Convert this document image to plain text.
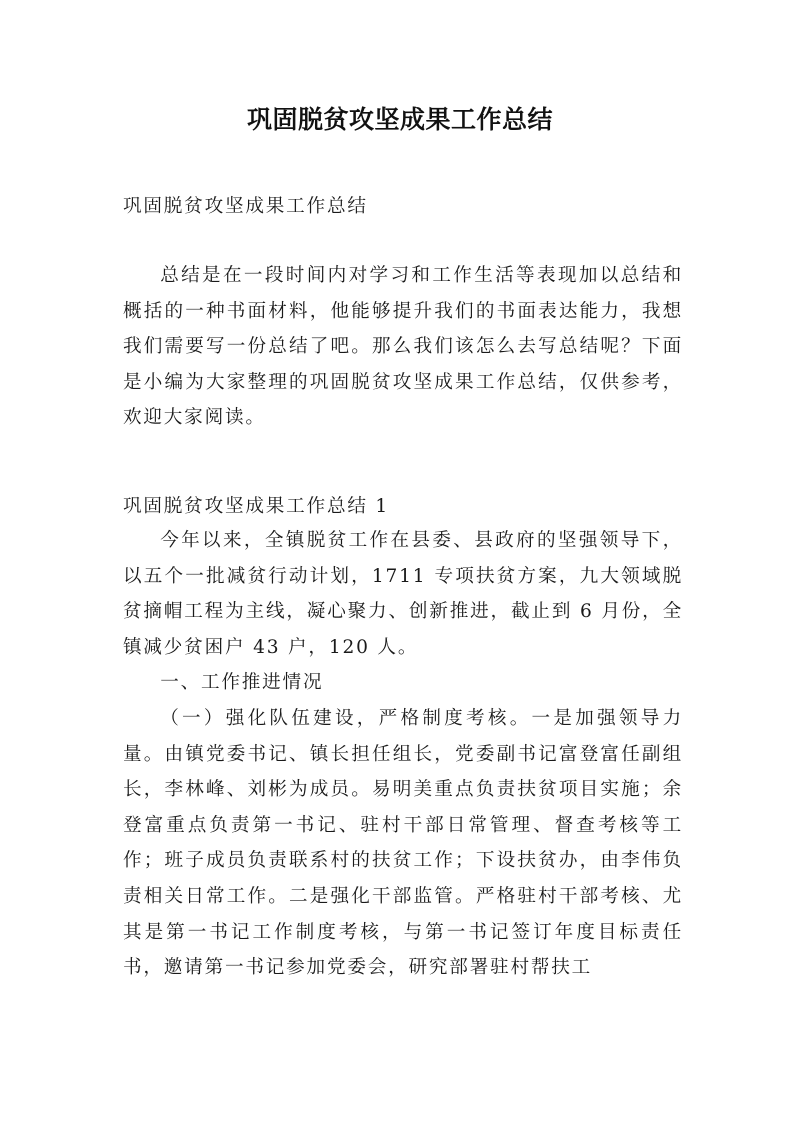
巩固脱贫攻坚成果工作总结

巩固脱贫攻坚成果工作总结

总结是在一段时间内对学习和工作生活等表现加以总结和概括的一种书面材料，他能够提升我们的书面表达能力，我想我们需要写一份总结了吧。那么我们该怎么去写总结呢？下面是小编为大家整理的巩固脱贫攻坚成果工作总结，仅供参考，欢迎大家阅读。

巩固脱贫攻坚成果工作总结 1

今年以来，全镇脱贫工作在县委、县政府的坚强领导下，以五个一批减贫行动计划，1711 专项扶贫方案，九大领域脱贫摘帽工程为主线，凝心聚力、创新推进，截止到 6 月份，全镇减少贫困户 43 户，120 人。

一、工作推进情况

（一）强化队伍建设，严格制度考核。一是加强领导力量。由镇党委书记、镇长担任组长，党委副书记富登富任副组长，李林峰、刘彬为成员。易明美重点负责扶贫项目实施；余登富重点负责第一书记、驻村干部日常管理、督查考核等工作；班子成员负责联系村的扶贫工作；下设扶贫办，由李伟负责相关日常工作。二是强化干部监管。严格驻村干部考核、尤其是第一书记工作制度考核，与第一书记签订年度目标责任书，邀请第一书记参加党委会，研究部署驻村帮扶工
